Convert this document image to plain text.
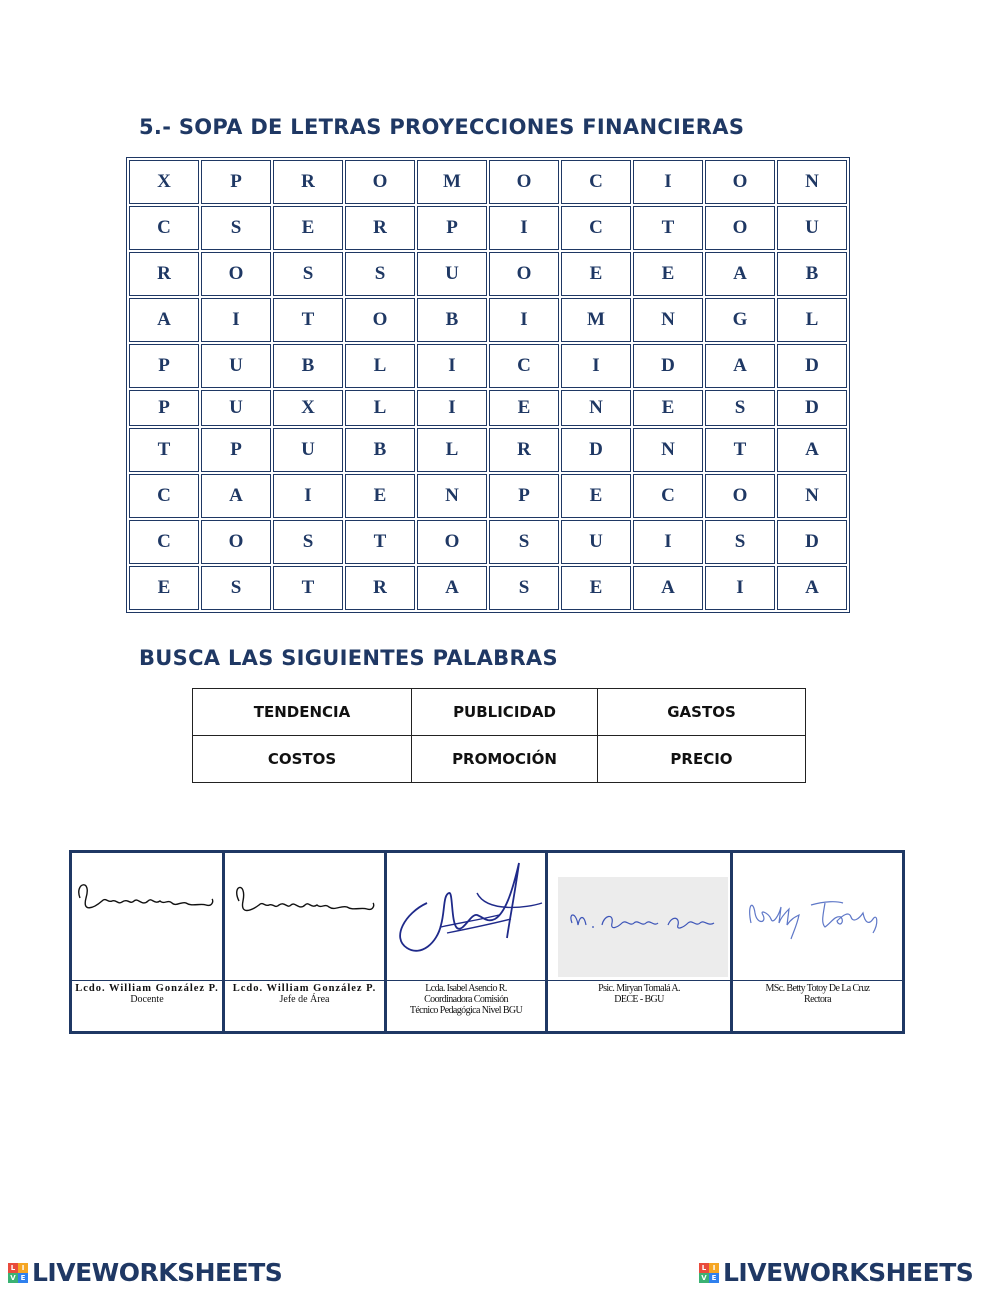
5.- SOPA DE LETRAS PROYECCIONES FINANCIERAS
X	P	R	O	M	O	C	I	O	N
C	S	E	R	P	I	C	T	O	U
R	O	S	S	U	O	E	E	A	B
A	I	T	O	B	I	M	N	G	L
P	U	B	L	I	C	I	D	A	D
P	U	X	L	I	E	N	E	S	D
T	P	U	B	L	R	D	N	T	A
C	A	I	E	N	P	E	C	O	N
C	O	S	T	O	S	U	I	S	D
E	S	T	R	A	S	E	A	I	A
BUSCA LAS SIGUIENTES PALABRAS
TENDENCIA	PUBLICIDAD	GASTOS
COSTOS	PROMOCIÓN	PRECIO
Lcdo. William González P.
Docente
Lcdo. William González P.
Jefe de Área
Lcda. Isabel Asencio R.
Coordinadora Comisión
Técnico Pedagógica Nivel BGU
Psic. Miryan Tomalá A.
DECE - BGU
MSc. Betty Totoy De La Cruz
Rectora
L I
V E LIVEWORKSHEETS	L I
V E LIVEWORKSHEETS
